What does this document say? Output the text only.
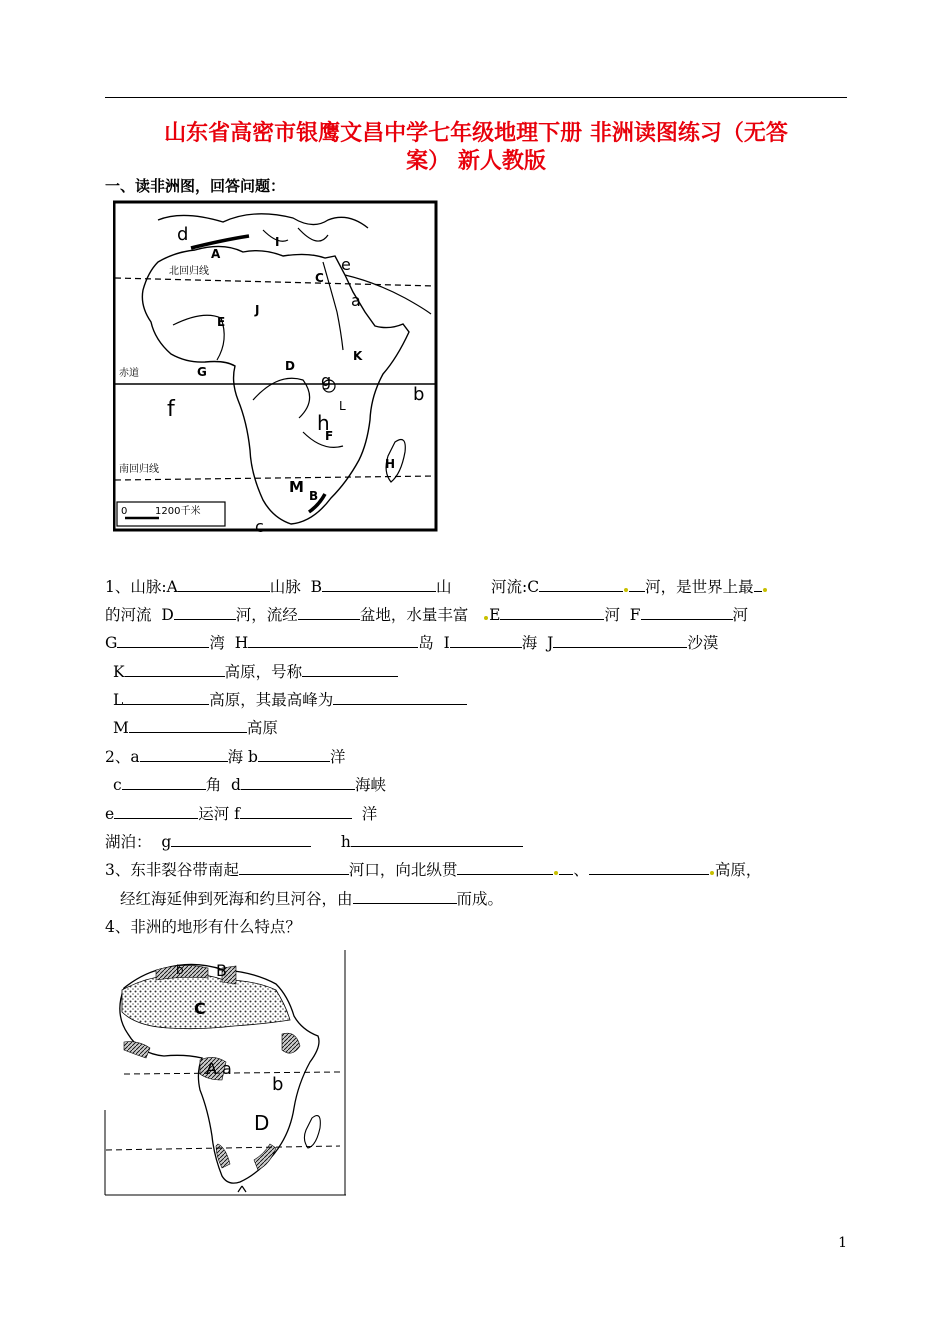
山东省高密市银鹰文昌中学七年级地理下册 非洲读图练习（无答
案） 新人教版
一、读非洲图，回答问题：
0	1200千米
北回归线
赤道
南回归线
A
B
C
D
E
F
G
H
I
J
K
L
M
a
b
c
d
e
f
g
h
1、山脉:A	山脉  B	山	河流:C	河，是世界上最
的河流  D	河，流经	盆地，水量丰富 E	河  F	河
G	湾  H	岛  I	海  J	沙漠
K	高原，号称
L	高原，其最高峰为
M	高原
2、a	海 b	洋
c	角  d	海峡
e	运河 f	洋
湖泊：  g	h
3、东非裂谷带南起	河口，向北纵贯	、	高原，
经红海延伸到死海和约旦河谷，由	而成。
4、非洲的地形有什么特点？
B
b
C
A a
b
D
1
